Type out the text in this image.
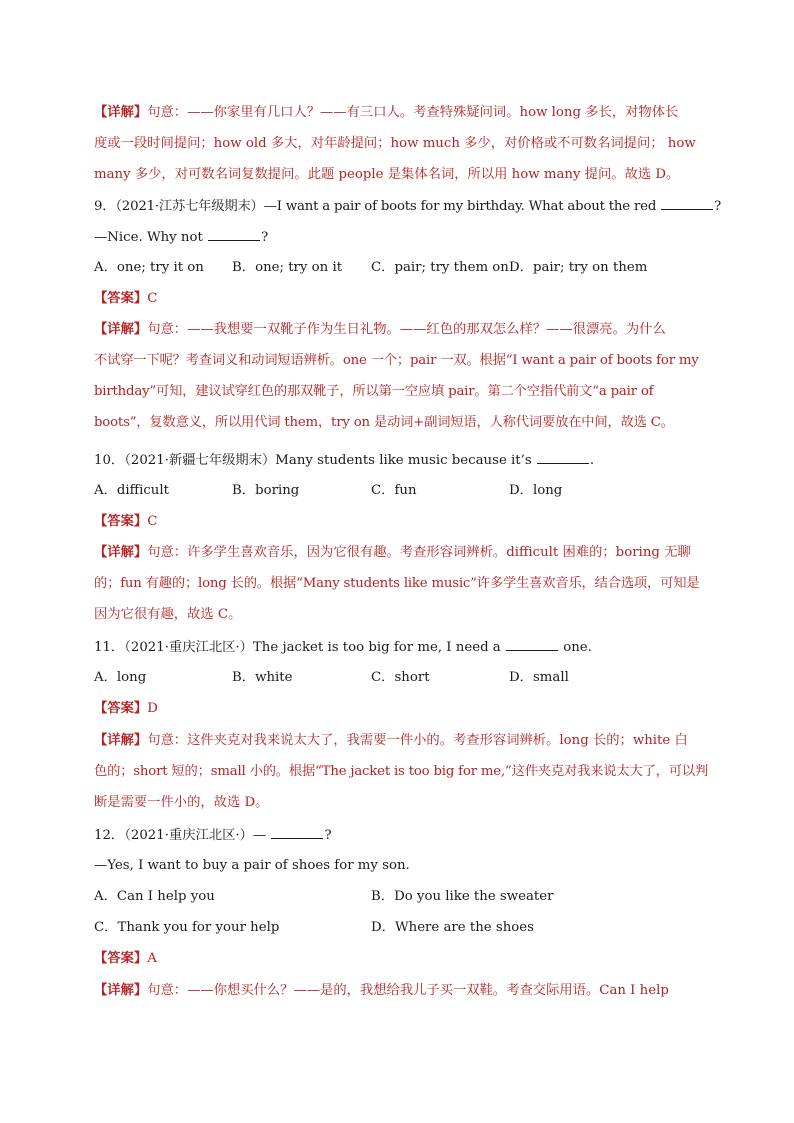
【详解】句意：——你家里有几口人？——有三口人。考查特殊疑问词。how long 多长，对物体长
度或一段时间提问；how old 多大，对年龄提问；how much 多少，对价格或不可数名词提问； how
many 多少，对可数名词复数提问。此题 people 是集体名词，所以用 how many 提问。故选 D。
9．（2021·江苏七年级期末）—I want a pair of boots for my birthday. What about the red	?
—Nice. Why not	?
A．one; try it on B．one; try on it C．pair; try them on D．pair; try on them
【答案】C
【详解】句意：——我想要一双靴子作为生日礼物。——红色的那双怎么样？——很漂亮。为什么
不试穿一下呢？考查词义和动词短语辨析。one 一个；pair 一双。根据“I want a pair of boots for my
birthday”可知，建议试穿红色的那双靴子，所以第一空应填 pair。第二个空指代前文“a pair of
boots”，复数意义，所以用代词 them，try on 是动词+副词短语，人称代词要放在中间，故选 C。
10．（2021·新疆七年级期末）Many students like music because it’s	.
A．difficult	B．boring	C．fun	D．long
【答案】C
【详解】句意：许多学生喜欢音乐，因为它很有趣。考查形容词辨析。difficult 困难的；boring 无聊
的；fun 有趣的；long 长的。根据“Many students like music”许多学生喜欢音乐，结合选项，可知是
因为它很有趣，故选 C。
11．（2021·重庆江北区·）The jacket is too big for me, I need a	one.
A．long	B．white	C．short	D．small
【答案】D
【详解】句意：这件夹克对我来说太大了，我需要一件小的。考查形容词辨析。long 长的；white 白
色的；short 短的；small 小的。根据“The jacket is too big for me,”这件夹克对我来说太大了，可以判
断是需要一件小的，故选 D。
12．（2021·重庆江北区·）—	?
—Yes, I want to buy a pair of shoes for my son.
A．Can I help you	B．Do you like the sweater
C．Thank you for your help	D．Where are the shoes
【答案】A
【详解】句意：——你想买什么？——是的，我想给我儿子买一双鞋。考查交际用语。Can I help
